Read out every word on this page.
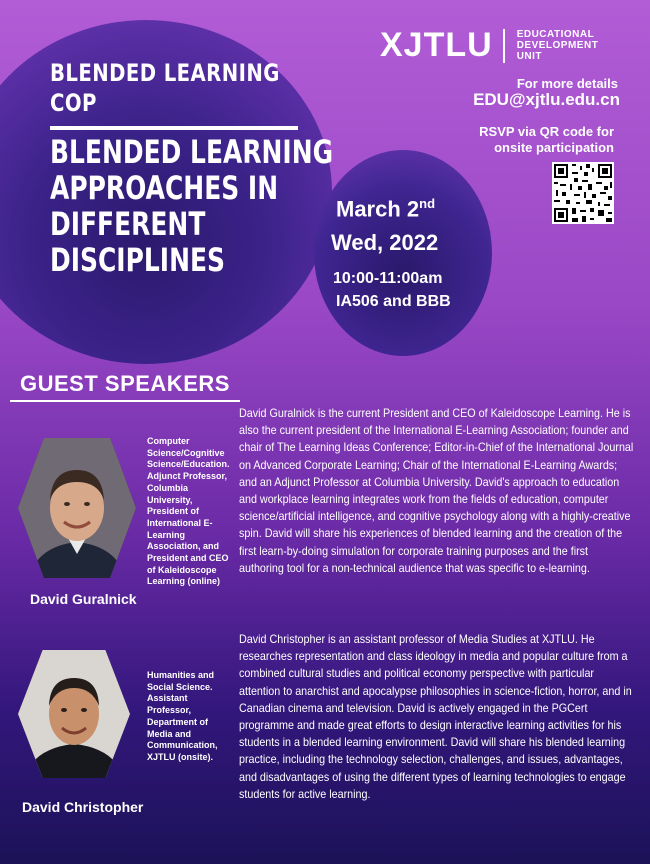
BLENDED LEARNING
COP
BLENDED LEARNING
APPROACHES IN
DIFFERENT
DISCIPLINES
March 2nd
Wed, 2022
10:00-11:00am
IA506 and BBB
XJTLU EDUCATIONAL
DEVELOPMENT
UNIT
For more details
EDU@xjtlu.edu.cn
RSVP via QR code for
onsite participation
GUEST SPEAKERS
Computer Science/Cognitive Science/Education. Adjunct Professor, Columbia University, President of International E-Learning Association, and President and CEO of Kaleidoscope Learning (online)
David Guralnick
David Guralnick is the current President and CEO of Kaleidoscope Learning. He is also the current president of the International E-Learning Association; founder and chair of The Learning Ideas Conference; Editor-in-Chief of the International Journal on Advanced Corporate Learning; Chair of the International E-Learning Awards; and an Adjunct Professor at Columbia University. David's approach to education and workplace learning integrates work from the fields of education, computer science/artificial intelligence, and cognitive psychology along with a highly-creative spin. David will share his experiences of blended learning and the creation of the first learn-by-doing simulation for corporate training purposes and the first authoring tool for a non-technical audience that was specific to e-learning.
Humanities and Social Science. Assistant Professor, Department of Media and Communication, XJTLU (onsite).
David Christopher
David Christopher is an assistant professor of Media Studies at XJTLU. He researches representation and class ideology in media and popular culture from a combined cultural studies and political economy perspective with particular attention to anarchist and apocalypse philosophies in science-fiction, horror, and in Canadian cinema and television. David is actively engaged in the PGCert programme and made great efforts to design interactive learning activities for his students in a blended learning environment. David will share his blended learning practice, including the technology selection, challenges, and issues, advantages, and disadvantages of using the different types of learning technologies to engage students for active learning.
